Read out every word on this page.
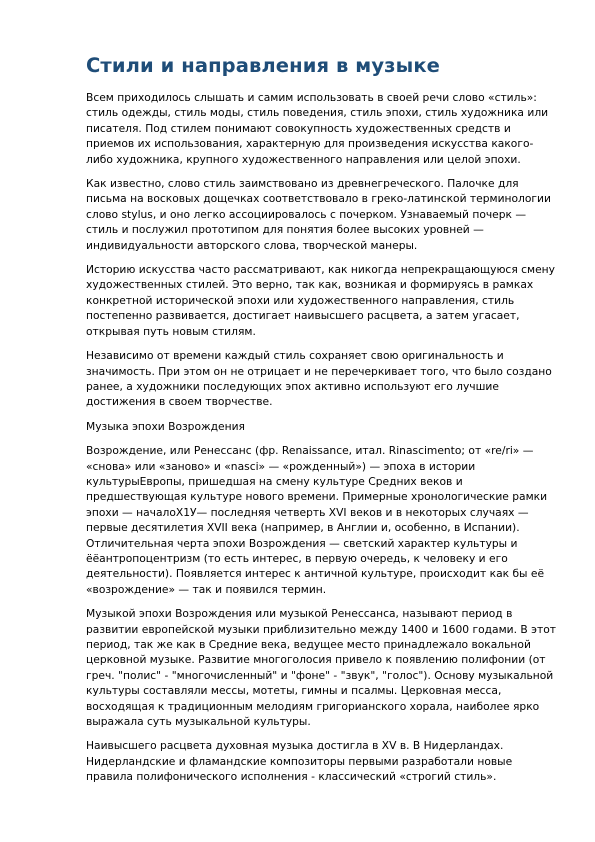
Стили и направления в музыке

Всем приходилось слышать и самим использовать в своей речи слово «стиль»:
стиль одежды, стиль моды, стиль поведения, стиль эпохи, стиль художника или
писателя. Под стилем понимают совокупность художественных средств и
приемов их использования, характерную для произведения искусства какого-
либо художника, крупного художественного направления или целой эпохи.

Как известно, слово стиль заимствовано из древнегреческого. Палочке для
письма на восковых дощечках соответствовало в греко-латинской терминологии
слово stylus, и оно легко ассоциировалось с почерком. Узнаваемый почерк —
стиль и послужил прототипом для понятия более высоких уровней —
индивидуальности авторского слова, творческой манеры.

Историю искусства часто рассматривают, как никогда непрекращающуюся смену
художественных стилей. Это верно, так как, возникая и формируясь в рамках
конкретной исторической эпохи или художественного направления, стиль
постепенно развивается, достигает наивысшего расцвета, а затем угасает,
открывая путь новым стилям.

Независимо от времени каждый стиль сохраняет свою оригинальность и
значимость. При этом он не отрицает и не перечеркивает того, что было создано
ранее, а художники последующих эпох активно используют его лучшие
достижения в своем творчестве.

Музыка эпохи Возрождения

Возрождение, или Ренессанс (фр. Renaissance, итал. Rinascimento; от «re/ri» —
«снова» или «заново» и «nasci» — «рожденный») — эпоха в истории
культурыЕвропы, пришедшая на смену культуре Средних веков и
предшествующая культуре нового времени. Примерные хронологические рамки
эпохи — началоХ1У— последняя четверть XVI веков и в некоторых случаях —
первые десятилетия XVII века (например, в Англии и, особенно, в Испании).
Отличительная черта эпохи Возрождения — светский характер культуры и
ёёантропоцентризм (то есть интерес, в первую очередь, к человеку и его
деятельности). Появляется интерес к античной культуре, происходит как бы её
«возрождение» — так и появился термин.

Музыкой эпохи Возрождения или музыкой Ренессанса, называют период в
развитии европейской музыки приблизительно между 1400 и 1600 годами. В этот
период, так же как в Средние века, ведущее место принадлежало вокальной
церковной музыке. Развитие многоголосия привело к появлению полифонии (от
греч. "полис" - "многочисленный" и "фоне" - "звук", "голос"). Основу музыкальной
культуры составляли мессы, мотеты, гимны и псалмы. Церковная месса,
восходящая к традиционным мелодиям григорианского хорала, наиболее ярко
выражала суть музыкальной культуры.

Наивысшего расцвета духовная музыка достигла в XV в. В Нидерландах.
Нидерландские и фламандские композиторы первыми разработали новые
правила полифонического исполнения - классический «строгий стиль».
